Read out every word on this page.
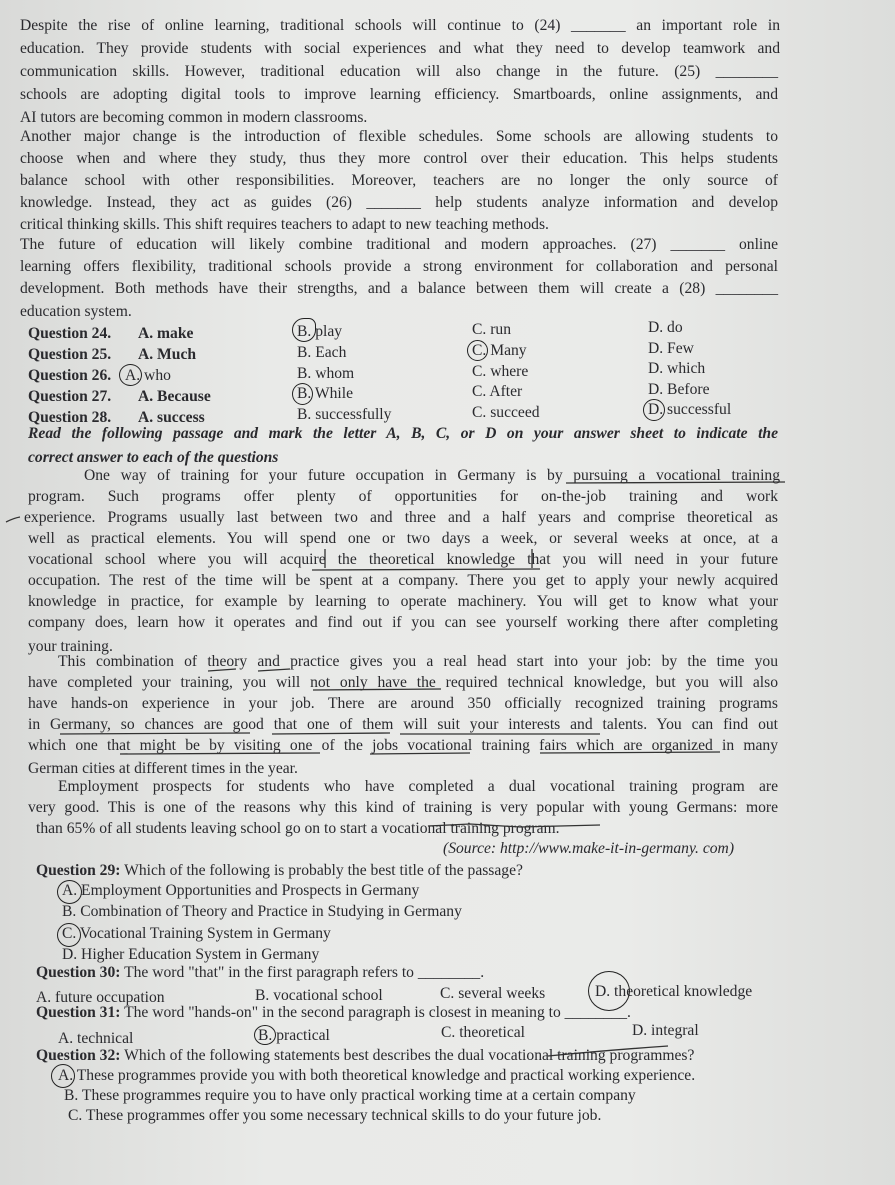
Despite the rise of online learning, traditional schools will continue to (24) _______ an important role in
education. They provide students with social experiences and what they need to develop teamwork and
communication skills. However, traditional education will also change in the future. (25) ________
schools are adopting digital tools to improve learning efficiency. Smartboards, online assignments, and
AI tutors are becoming common in modern classrooms.
Another major change is the introduction of flexible schedules. Some schools are allowing students to
choose when and where they study, thus they more control over their education. This helps students
balance school with other responsibilities. Moreover, teachers are no longer the only source of
knowledge. Instead, they act as guides (26) _______ help students analyze information and develop
critical thinking skills. This shift requires teachers to adapt to new teaching methods.
The future of education will likely combine traditional and modern approaches. (27) _______ online
learning offers flexibility, traditional schools provide a strong environment for collaboration and personal
development. Both methods have their strengths, and a balance between them will create a (28) ________
education system.
Question 24. A. make	B. play	C. run	D. do
Question 25. A. Much	B. Each	C. Many	D. Few
Question 26. A. who	B. whom	C. where	D. which
Question 27. A. Because	B. While	C. After	D. Before
Question 28. A. success	B. successfully	C. succeed	D. successful
Read the following passage and mark the letter A, B, C, or D on your answer sheet to indicate the
correct answer to each of the questions
One way of training for your future occupation in Germany is by pursuing a vocational training
program. Such programs offer plenty of opportunities for on-the-job training and work
experience. Programs usually last between two and three and a half years and comprise theoretical as
well as practical elements. You will spend one or two days a week, or several weeks at once, at a
vocational school where you will acquire the theoretical knowledge that you will need in your future
occupation. The rest of the time will be spent at a company. There you get to apply your newly acquired
knowledge in practice, for example by learning to operate machinery. You will get to know what your
company does, learn how it operates and find out if you can see yourself working there after completing
your training.
This combination of theory and practice gives you a real head start into your job: by the time you
have completed your training, you will not only have the required technical knowledge, but you will also
have hands-on experience in your job. There are around 350 officially recognized training programs
in Germany, so chances are good that one of them will suit your interests and talents. You can find out
which one that might be by visiting one of the jobs vocational training fairs which are organized in many
German cities at different times in the year.
Employment prospects for students who have completed a dual vocational training program are
very good. This is one of the reasons why this kind of training is very popular with young Germans: more
than 65% of all students leaving school go on to start a vocational training program.
(Source: http://www.make-it-in-germany. com)
Question 29: Which of the following is probably the best title of the passage?
A. Employment Opportunities and Prospects in Germany
B. Combination of Theory and Practice in Studying in Germany
C. Vocational Training System in Germany
D. Higher Education System in Germany
Question 30: The word "that" in the first paragraph refers to ________.
A. future occupation	B. vocational school	C. several weeks	D. theoretical knowledge
Question 31: The word "hands-on" in the second paragraph is closest in meaning to ________.
A. technical	B. practical	C. theoretical	D. integral
Question 32: Which of the following statements best describes the dual vocational training programmes?
A. These programmes provide you with both theoretical knowledge and practical working experience.
B. These programmes require you to have only practical working time at a certain company
C. These programmes offer you some necessary technical skills to do your future job.
